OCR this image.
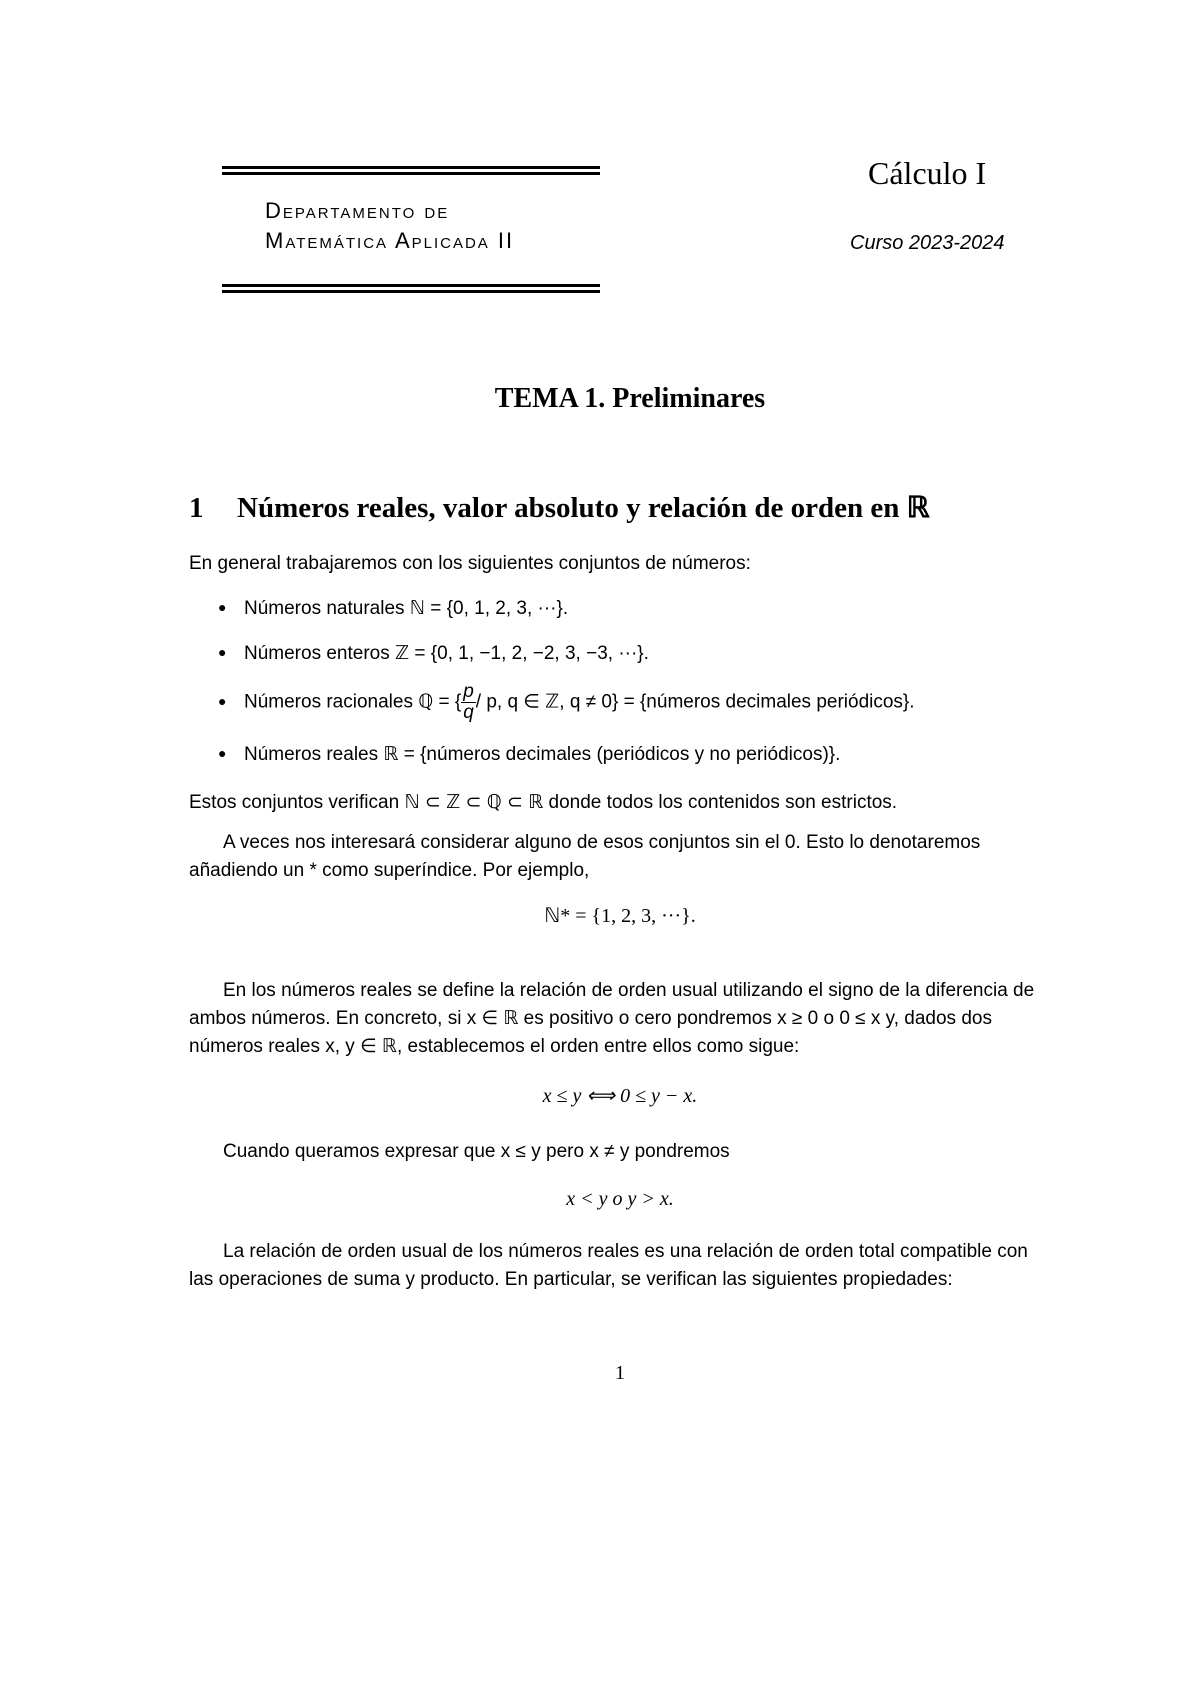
Departamento de
Matemática Aplicada II
Cálculo I
Curso 2023-2024
TEMA 1. Preliminares
1 Números reales, valor absoluto y relación de orden en ℝ
En general trabajaremos con los siguientes conjuntos de números:
● Números naturales ℕ = {0, 1, 2, 3, ···}.
● Números enteros ℤ = {0, 1, −1, 2, −2, 3, −3, ···}.
● Números racionales ℚ = { $\frac{p}{q}$ / p, q ∈ ℤ, q ≠ 0} = {números decimales periódicos}.
● Números reales ℝ = {números decimales (periódicos y no periódicos)}.
Estos conjuntos verifican ℕ ⊂ ℤ ⊂ ℚ ⊂ ℝ donde todos los contenidos son estrictos.
A veces nos interesará considerar alguno de esos conjuntos sin el 0. Esto lo denotaremos añadiendo un * como superíndice. Por ejemplo,
ℕ* = {1, 2, 3, ···}.
En los números reales se define la relación de orden usual utilizando el signo de la diferencia de ambos números. En concreto, si x ∈ ℝ es positivo o cero pondremos x ≥ 0 o 0 ≤ x y, dados dos números reales x, y ∈ ℝ, establecemos el orden entre ellos como sigue:
x ≤ y ⟺ 0 ≤ y − x.
Cuando queramos expresar que x ≤ y pero x ≠ y pondremos
x < y o y > x.
La relación de orden usual de los números reales es una relación de orden total compatible con las operaciones de suma y producto. En particular, se verifican las siguientes propiedades:
1
